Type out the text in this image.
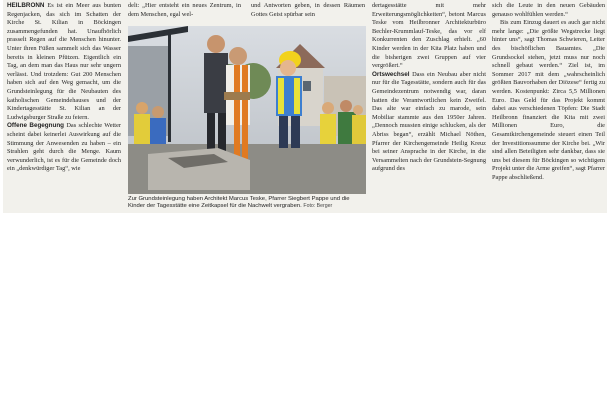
HEILBRONN Es ist ein Meer aus bunten Regenjacken, das sich im Schatten der Kirche St. Kilian in Böckingen zusammengefunden hat. Unaufhörlich prasselt Regen auf die Menschen hinunter. Unter ihren Füßen sammelt sich das Wasser bereits in kleinen Pfützen. Eigentlich ein Tag, an dem man das Haus nur sehr ungern verlässt. Und trotzdem: Gut 200 Menschen haben sich auf den Weg gemacht, um die Grundsteinlegung für die Neubauten des katholischen Gemeindehauses und der Kindertagesstätte St. Kilian an der Ludwigsburger Straße zu feiern.

Offene Begegnung Das schlechte Wetter scheint dabei keinerlei Auswirkung auf die Stimmung der Anwesenden zu haben – ein Strahlen geht durch die Menge. Kaum verwunderlich, ist es für die Gemeinde doch ein „denkwürdiger Tag“, wie

delt: „Hier entsteht ein neues Zentrum, in dem Menschen, egal wel-

und Antworten geben, in dessen Räumen Gottes Geist spürbar sein

Zur Grundsteinlegung haben Architekt Marcus Teske, Pfarrer Siegbert Pappe und die Kinder der Tagesstätte eine Zeitkapsel für die Nachwelt vergraben. Foto: Berger

dertagesstätte mit mehr Erweiterungsmöglichkeiten“, betont Marcus Teske vom Heilbronner Architekturbüro Bechler-Krummlauf-Teske, das vor elf Konkurrenten den Zuschlag erhielt. „60 Kinder werden in der Kita Platz haben und die bisherigen zwei Gruppen auf vier vergrößert.“

Ortswechsel Dass ein Neubau aber nicht nur für die Tagesstätte, sondern auch für das Gemeindezentrum notwendig war, daran hatten die Verantwortlichen kein Zweifel. Das alte war einfach zu marode, sein Mobiliar stammte aus den 1950er Jahren. „Dennoch mussten einige schlucken, als der Abriss began“, erzählt Michael Nöthen, Pfarrer der Kirchengemeinde Heilig Kreuz bei seiner Ansprache in der Kirche, in die Versammelten nach der Grundstein-Segnung aufgrund des

sich die Leute in den neuen Gebäuden genauso wohlfühlen werden.“

Bis zum Einzug dauert es auch gar nicht mehr lange: „Die größte Wegstrecke liegt hinter uns“, sagt Thomas Schwieren, Leiter des bischöflichen Bauamtes. „Die Grundsockel stehen, jetzt muss nur noch schnell gebaut werden.“ Ziel ist, im Sommer 2017 mit dem „wahrscheinlich größten Bauvorhaben der Diözese“ fertig zu werden. Kostenpunkt: Zirca 5,5 Millionen Euro. Das Geld für das Projekt kommt dabei aus verschiedenen Töpfen: Die Stadt Heilbronn finanziert die Kita mit zwei Millionen Euro, die Gesamtkirchengemeinde steuert einen Teil der Investitionssumme der Kirche bei. „Wir sind allen Beteiligten sehr dankbar, dass sie uns bei diesem für Böckingen so wichtigem Projekt unter die Arme greifen“, sagt Pfarrer Pappe abschließend.
